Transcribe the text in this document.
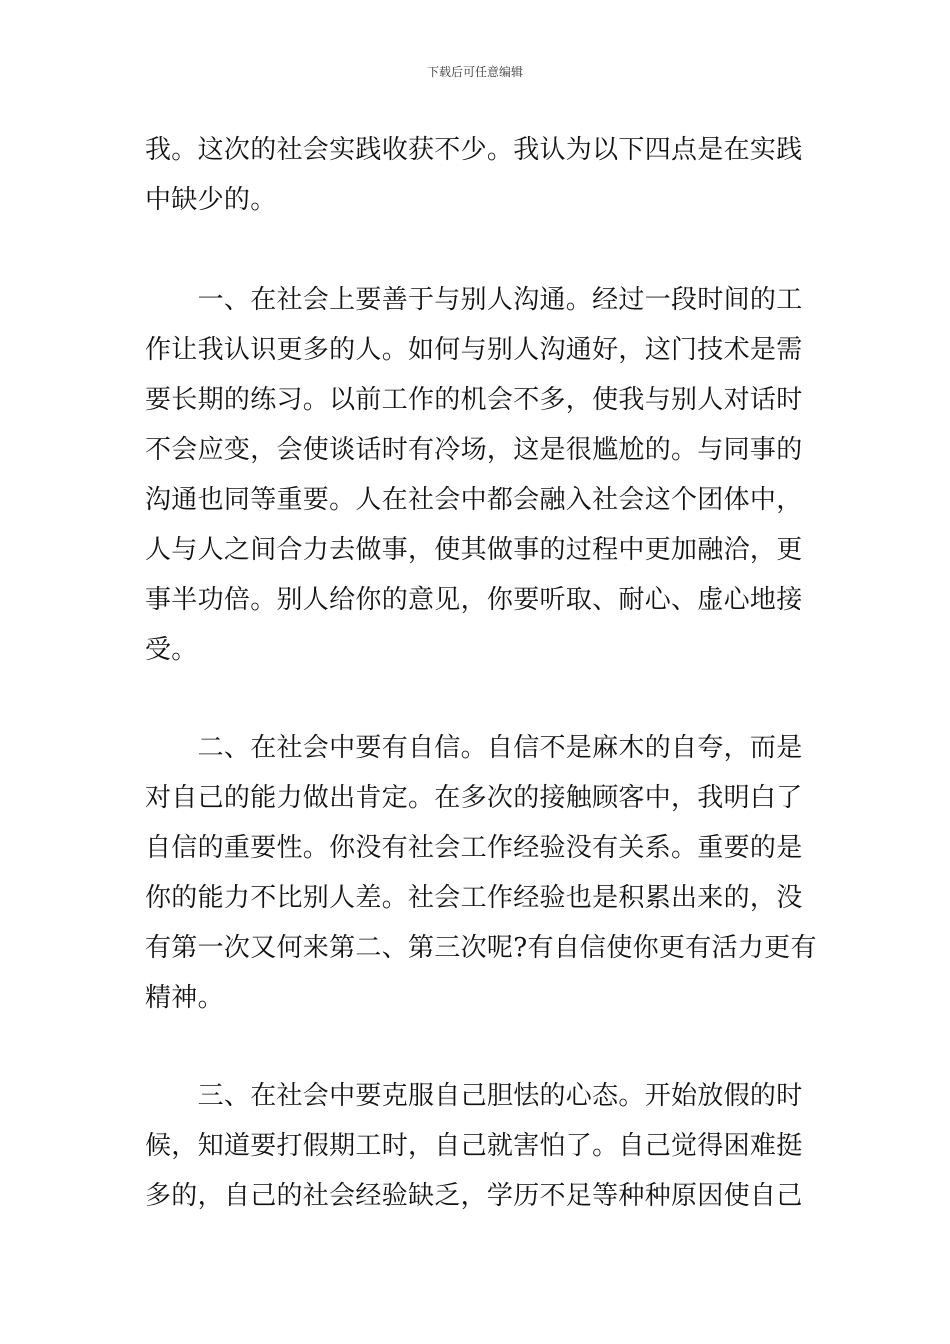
下载后可任意编辑
我。这次的社会实践收获不少。我认为以下四点是在实践
中缺少的。
　　一、在社会上要善于与别人沟通。经过一段时间的工
作让我认识更多的人。如何与别人沟通好，这门技术是需
要长期的练习。以前工作的机会不多，使我与别人对话时
不会应变，会使谈话时有冷场，这是很尴尬的。与同事的
沟通也同等重要。人在社会中都会融入社会这个团体中，
人与人之间合力去做事，使其做事的过程中更加融洽，更
事半功倍。别人给你的意见，你要听取、耐心、虚心地接
受。
　　二、在社会中要有自信。自信不是麻木的自夸，而是
对自己的能力做出肯定。在多次的接触顾客中，我明白了
自信的重要性。你没有社会工作经验没有关系。重要的是
你的能力不比别人差。社会工作经验也是积累出来的，没
有第一次又何来第二、第三次呢?有自信使你更有活力更有
精神。
　　三、在社会中要克服自己胆怯的心态。开始放假的时
候，知道要打假期工时，自己就害怕了。自己觉得困难挺
多的，自己的社会经验缺乏，学历不足等种种原因使自己
